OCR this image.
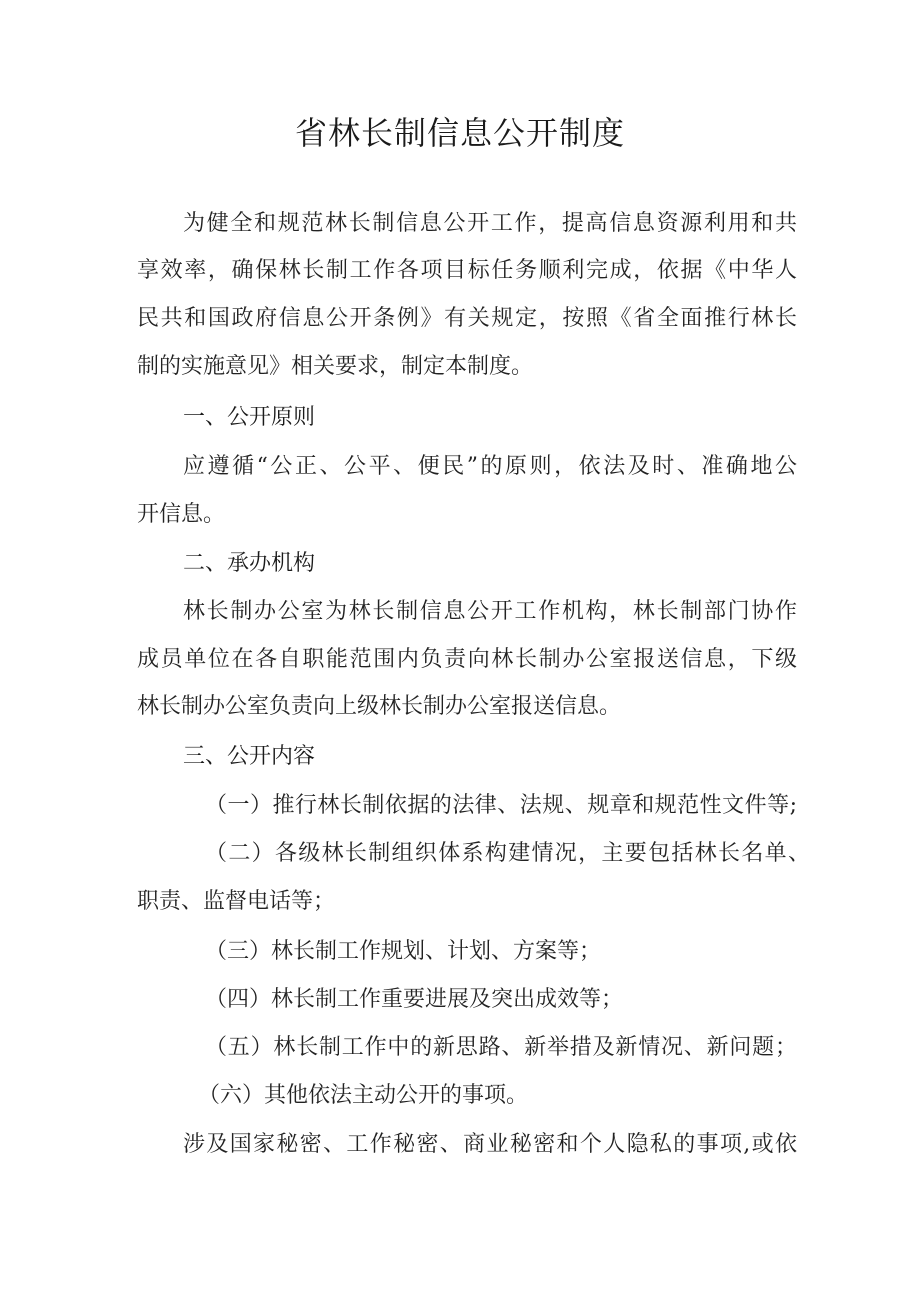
省林长制信息公开制度
为健全和规范林长制信息公开工作，提高信息资源利用和共
享效率，确保林长制工作各项目标任务顺利完成，依据《中华人
民共和国政府信息公开条例》有关规定，按照《省全面推行林长
制的实施意见》相关要求，制定本制度。
一、公开原则
应遵循“公正、公平、便民”的原则，依法及时、准确地公
开信息。
二、承办机构
林长制办公室为林长制信息公开工作机构，林长制部门协作
成员单位在各自职能范围内负责向林长制办公室报送信息，下级
林长制办公室负责向上级林长制办公室报送信息。
三、公开内容
（一）推行林长制依据的法律、法规、规章和规范性文件等;
（二）各级林长制组织体系构建情况，主要包括林长名单、
职责、监督电话等；
（三）林长制工作规划、计划、方案等；
（四）林长制工作重要进展及突出成效等；
（五）林长制工作中的新思路、新举措及新情况、新问题；
（六）其他依法主动公开的事项。
涉及国家秘密、工作秘密、商业秘密和个人隐私的事项,或依
